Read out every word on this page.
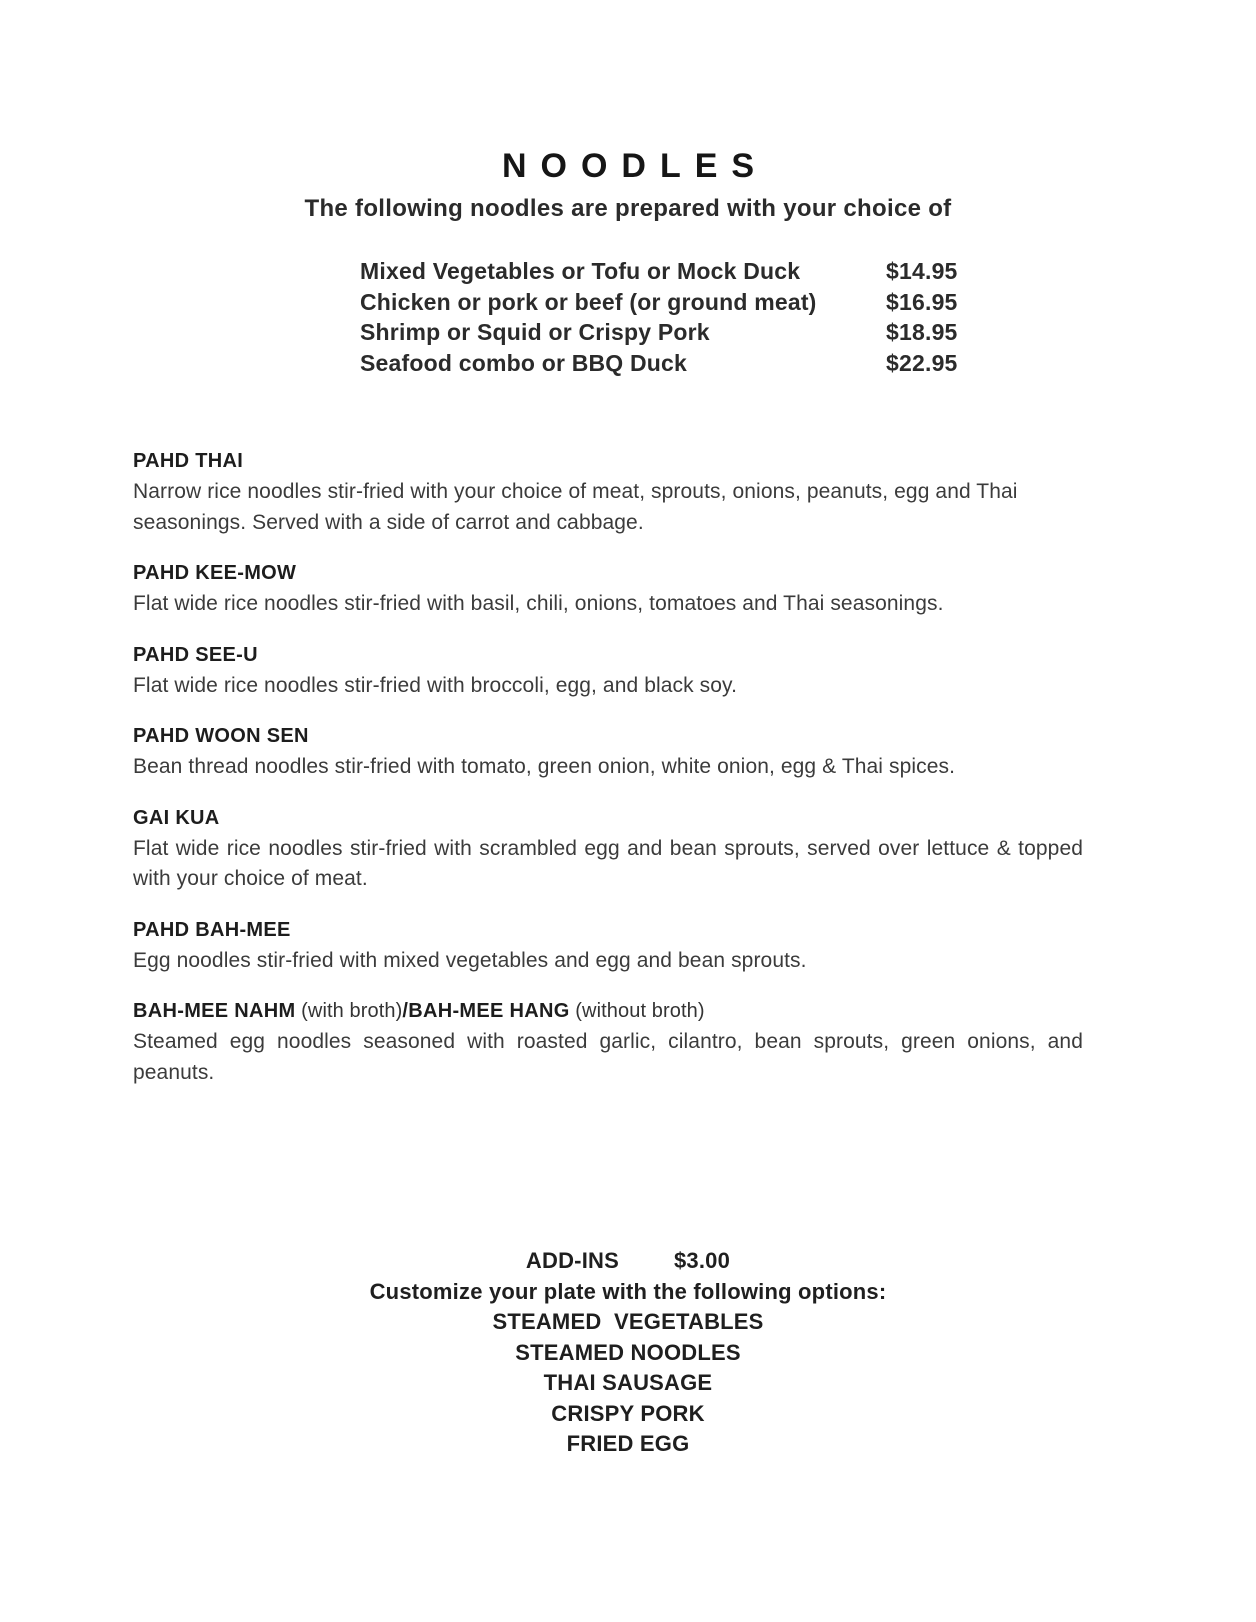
NOODLES

The following noodles are prepared with your choice of

Mixed Vegetables or Tofu or Mock Duck	$14.95
Chicken or pork or beef (or ground meat)	$16.95
Shrimp or Squid or Crispy Pork	$18.95
Seafood combo or BBQ Duck	$22.95
PAHD THAI

Narrow rice noodles stir-fried with your choice of meat, sprouts, onions, peanuts, egg and Thai seasonings. Served with a side of carrot and cabbage.

PAHD KEE-MOW

Flat wide rice noodles stir-fried with basil, chili, onions, tomatoes and Thai seasonings.

PAHD SEE-U

Flat wide rice noodles stir-fried with broccoli, egg, and black soy.

PAHD WOON SEN

Bean thread noodles stir-fried with tomato, green onion, white onion, egg & Thai spices.

GAI KUA

Flat wide rice noodles stir-fried with scrambled egg and bean sprouts, served over lettuce & topped with your choice of meat.

PAHD BAH-MEE

Egg noodles stir-fried with mixed vegetables and egg and bean sprouts.

BAH-MEE NAHM (with broth)/BAH-MEE HANG (without broth)

Steamed egg noodles seasoned with roasted garlic, cilantro, bean sprouts, green onions, and peanuts.

ADD-INS	$3.00

Customize your plate with the following options:

STEAMED  VEGETABLES

STEAMED NOODLES

THAI SAUSAGE

CRISPY PORK

FRIED EGG
